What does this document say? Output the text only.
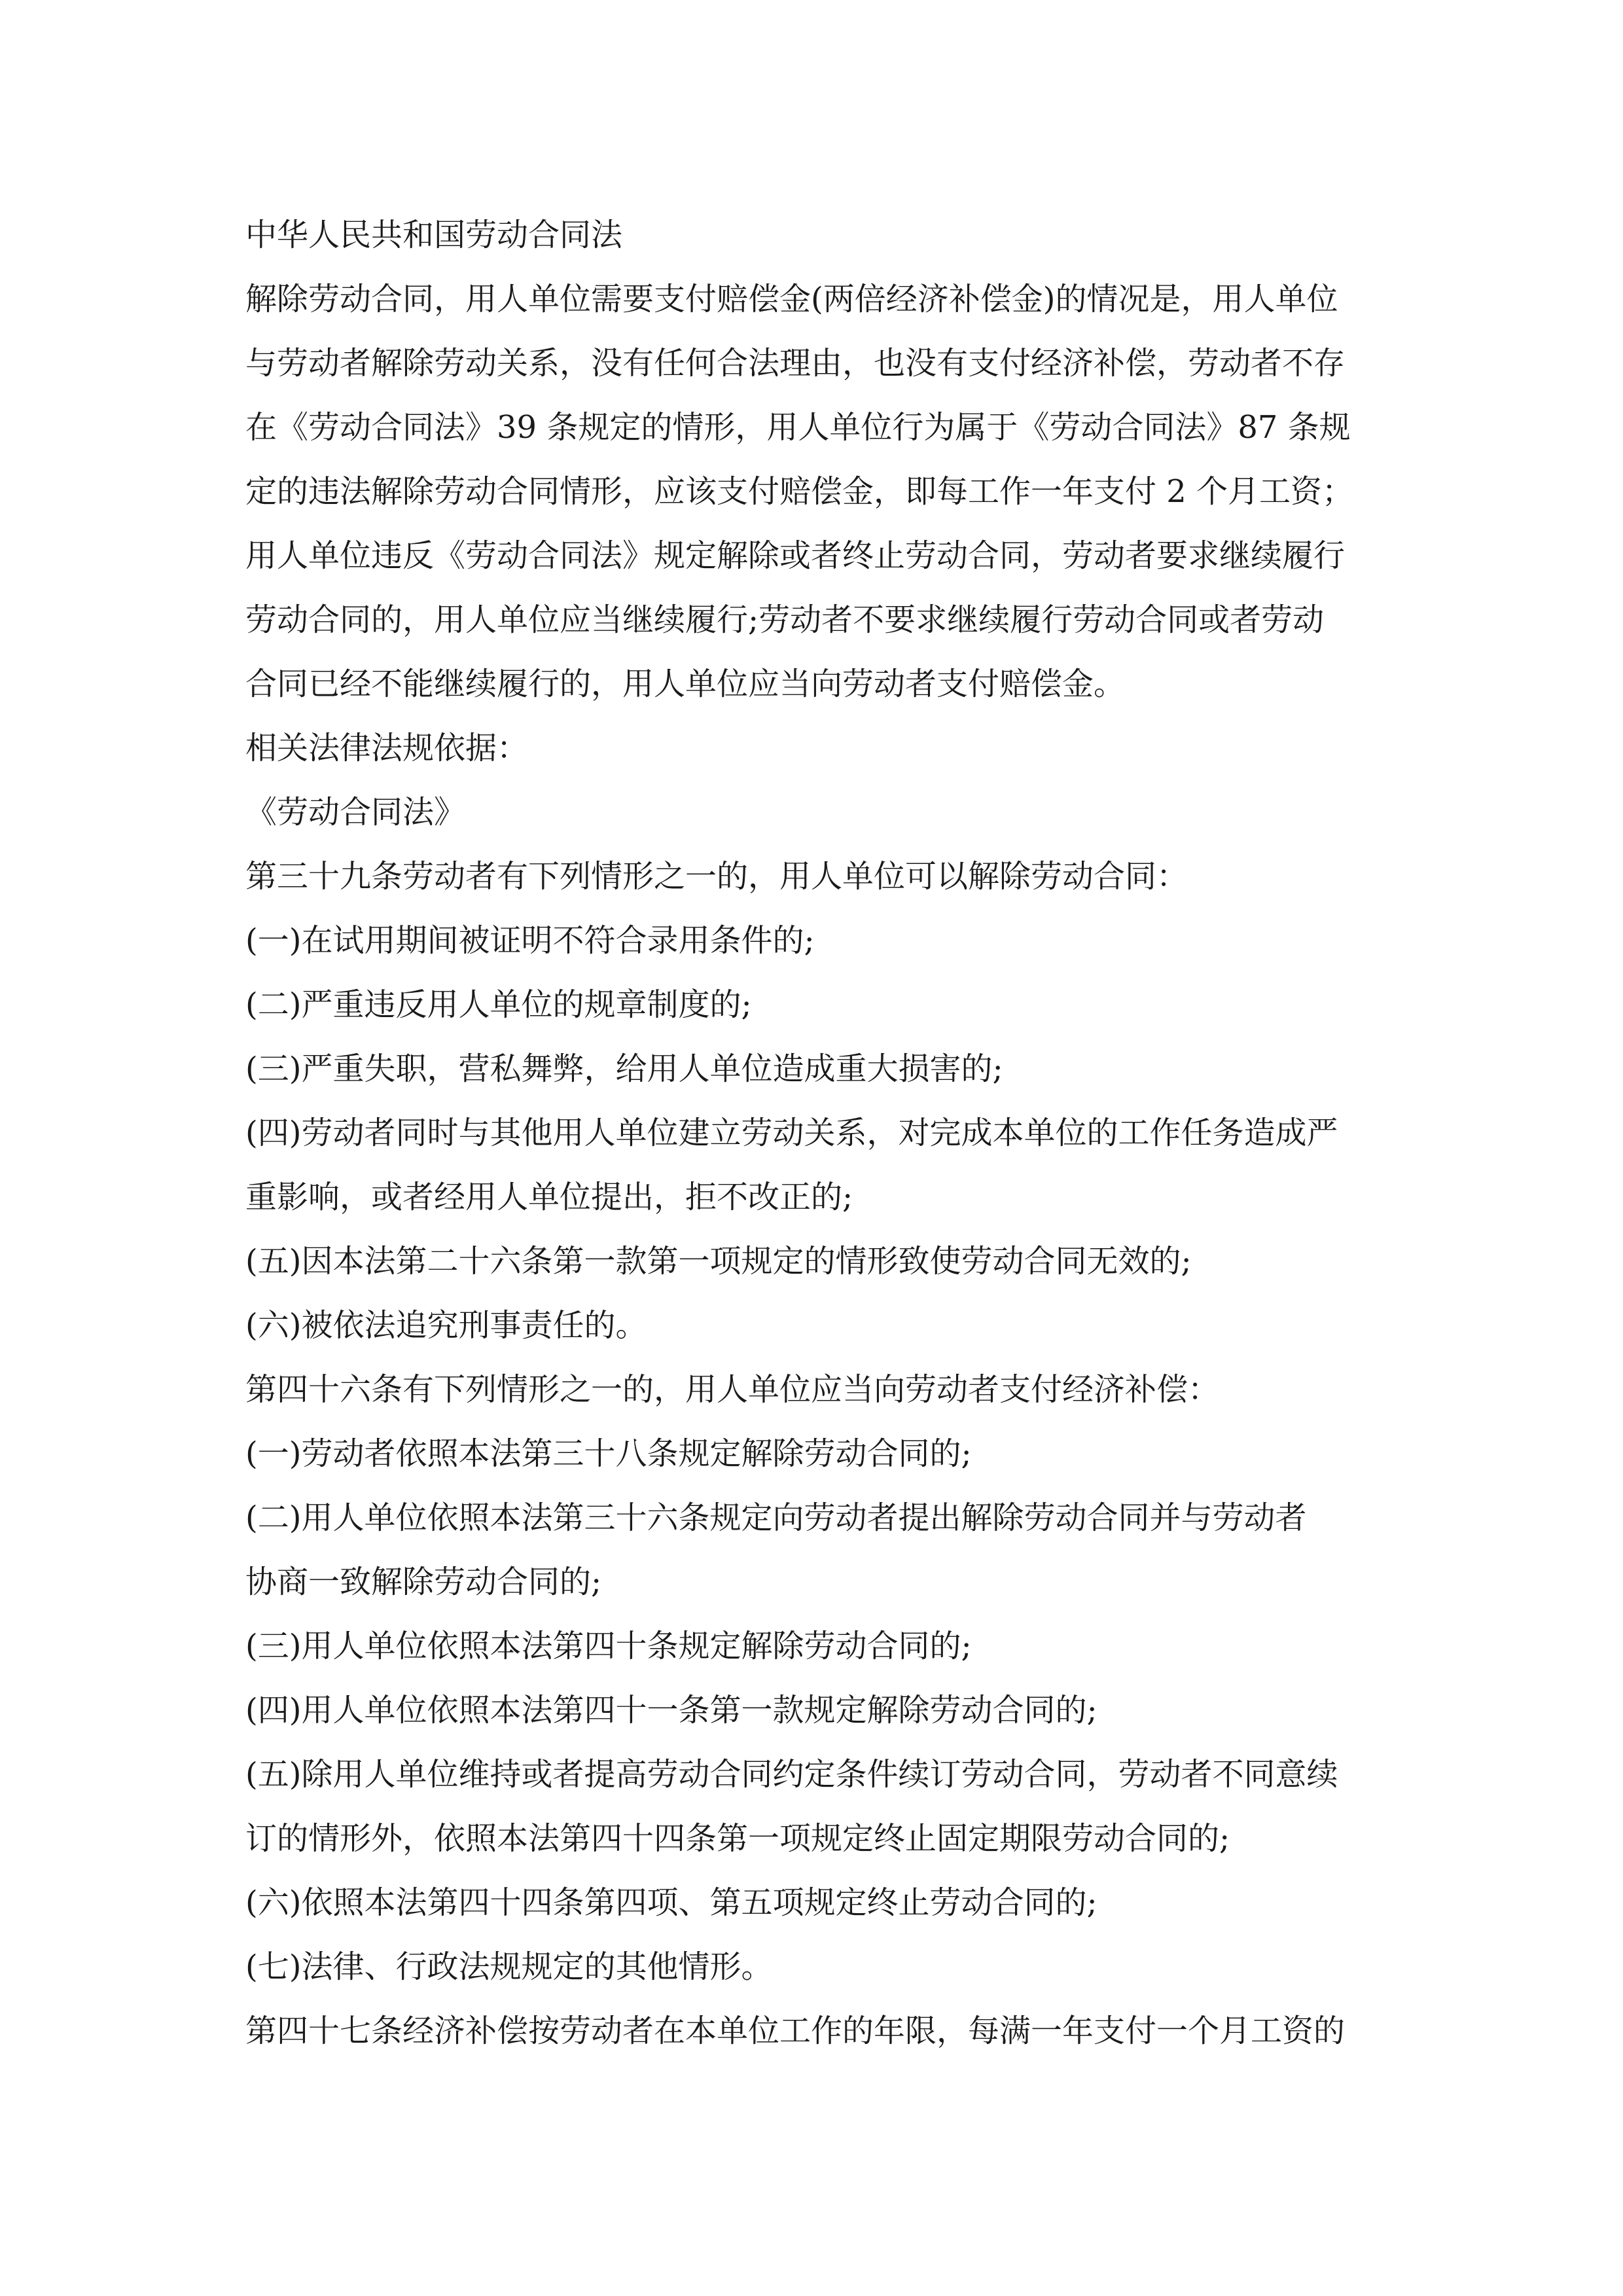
中华人民共和国劳动合同法
解除劳动合同，用人单位需要支付赔偿金(两倍经济补偿金)的情况是，用人单位
与劳动者解除劳动关系，没有任何合法理由，也没有支付经济补偿，劳动者不存
在《劳动合同法》39 条规定的情形，用人单位行为属于《劳动合同法》87 条规
定的违法解除劳动合同情形，应该支付赔偿金，即每工作一年支付 2 个月工资；
用人单位违反《劳动合同法》规定解除或者终止劳动合同，劳动者要求继续履行
劳动合同的，用人单位应当继续履行;劳动者不要求继续履行劳动合同或者劳动
合同已经不能继续履行的，用人单位应当向劳动者支付赔偿金。
相关法律法规依据：
《劳动合同法》
第三十九条劳动者有下列情形之一的，用人单位可以解除劳动合同：
(一)在试用期间被证明不符合录用条件的;
(二)严重违反用人单位的规章制度的;
(三)严重失职，营私舞弊，给用人单位造成重大损害的;
(四)劳动者同时与其他用人单位建立劳动关系，对完成本单位的工作任务造成严
重影响，或者经用人单位提出，拒不改正的;
(五)因本法第二十六条第一款第一项规定的情形致使劳动合同无效的;
(六)被依法追究刑事责任的。
第四十六条有下列情形之一的，用人单位应当向劳动者支付经济补偿：
(一)劳动者依照本法第三十八条规定解除劳动合同的;
(二)用人单位依照本法第三十六条规定向劳动者提出解除劳动合同并与劳动者
协商一致解除劳动合同的;
(三)用人单位依照本法第四十条规定解除劳动合同的;
(四)用人单位依照本法第四十一条第一款规定解除劳动合同的;
(五)除用人单位维持或者提高劳动合同约定条件续订劳动合同，劳动者不同意续
订的情形外，依照本法第四十四条第一项规定终止固定期限劳动合同的;
(六)依照本法第四十四条第四项、第五项规定终止劳动合同的;
(七)法律、行政法规规定的其他情形。
第四十七条经济补偿按劳动者在本单位工作的年限，每满一年支付一个月工资的
